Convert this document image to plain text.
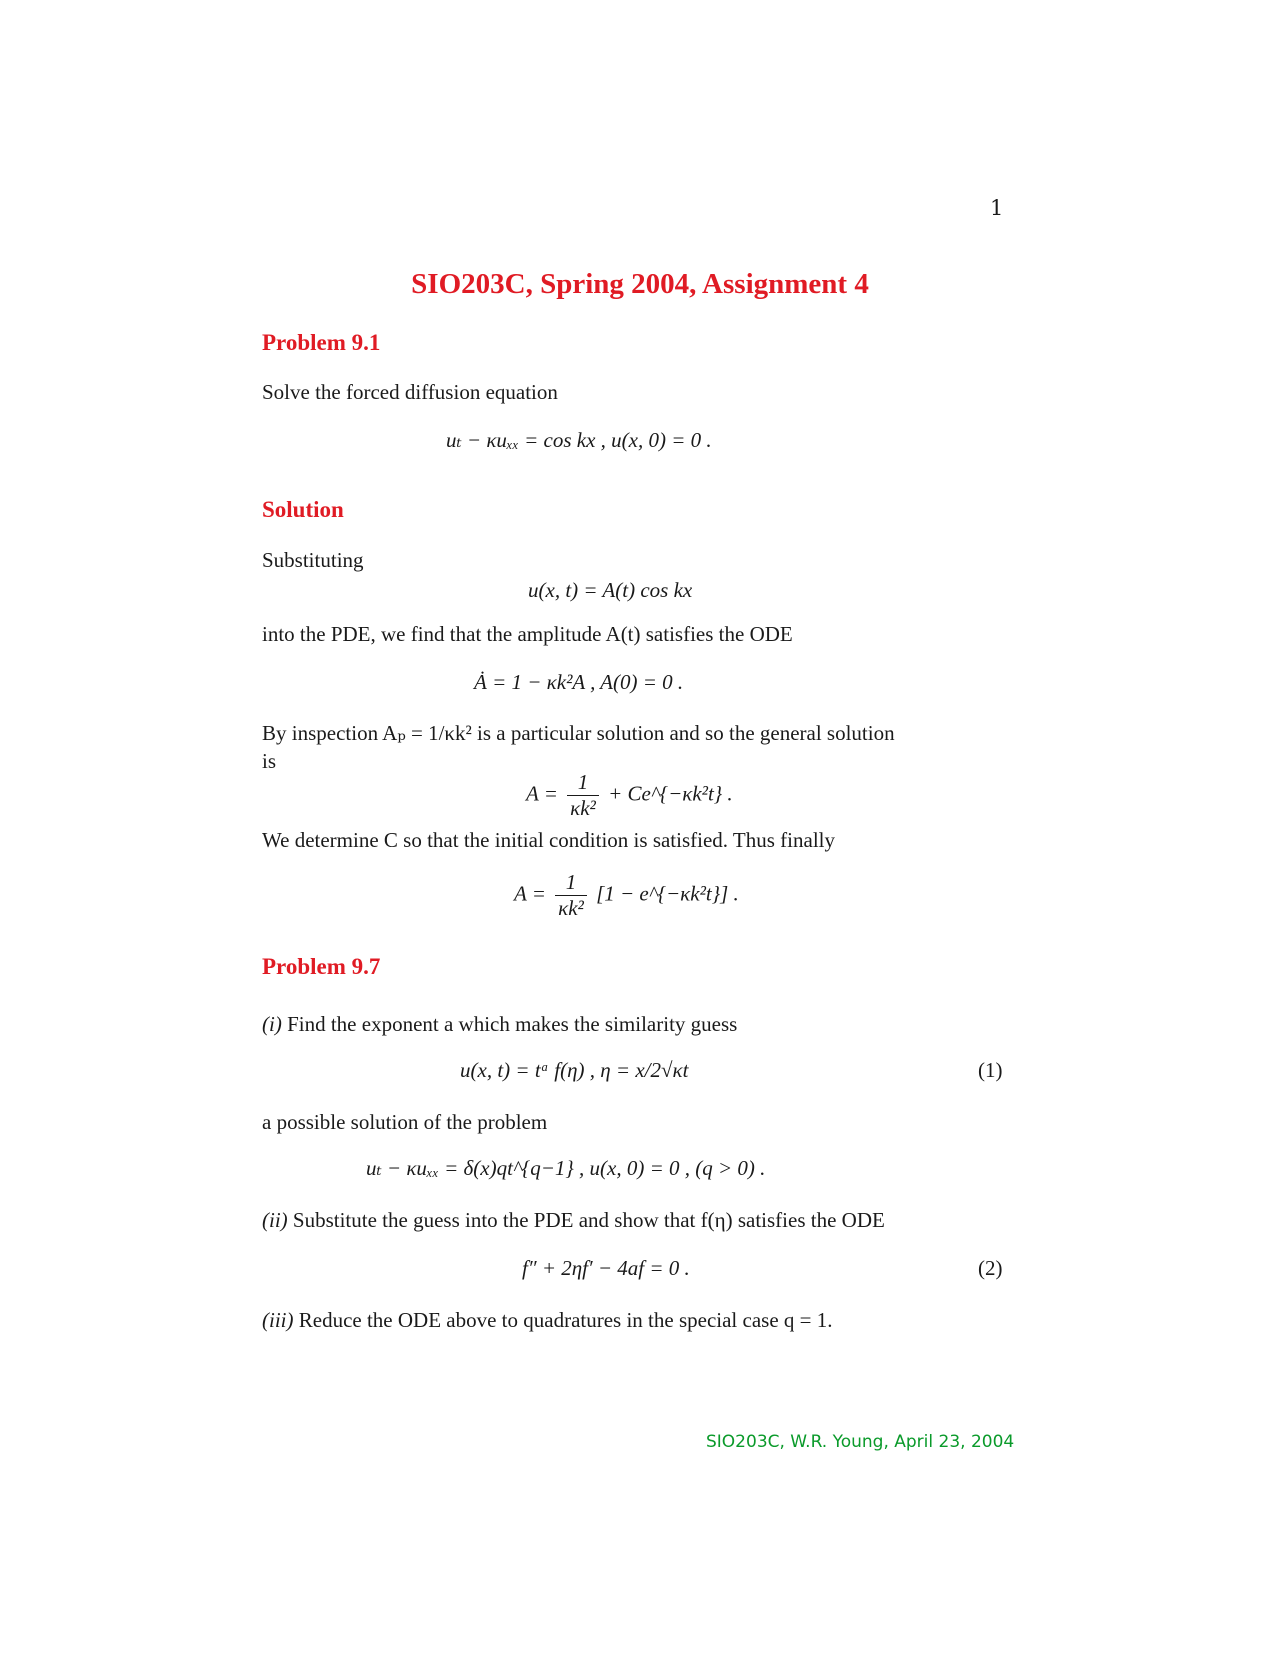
1
SIO203C, Spring 2004, Assignment 4
Problem 9.1
Solve the forced diffusion equation
uₜ − κuₓₓ = cos kx , u(x, 0) = 0 .
Solution
Substituting
u(x, t) = A(t) cos kx
into the PDE, we find that the amplitude A(t) satisfies the ODE
Ȧ = 1 − κk²A , A(0) = 0 .
By inspection Aₚ = 1/κk² is a particular solution and so the general solution
is
$A = \frac{1}{\text{κk²}}$ + Ce^{−κk²t} .
We determine C so that the initial condition is satisfied. Thus finally
$A = \frac{1}{\text{κk²}} [1$ − e^{−κk²t}] .
Problem 9.7
(i) Find the exponent a which makes the similarity guess
u(x, t) = tᵃ f(η) , η = x/2√κt	(1)
a possible solution of the problem
uₜ − κuₓₓ = δ(x)qt^{q−1} , u(x, 0) = 0 , (q > 0) .
(ii) Substitute the guess into the PDE and show that f(η) satisfies the ODE
f″ + 2ηf′ − 4af = 0 .	(2)
(iii) Reduce the ODE above to quadratures in the special case q = 1.
SIO203C, W.R. Young, April 23, 2004
